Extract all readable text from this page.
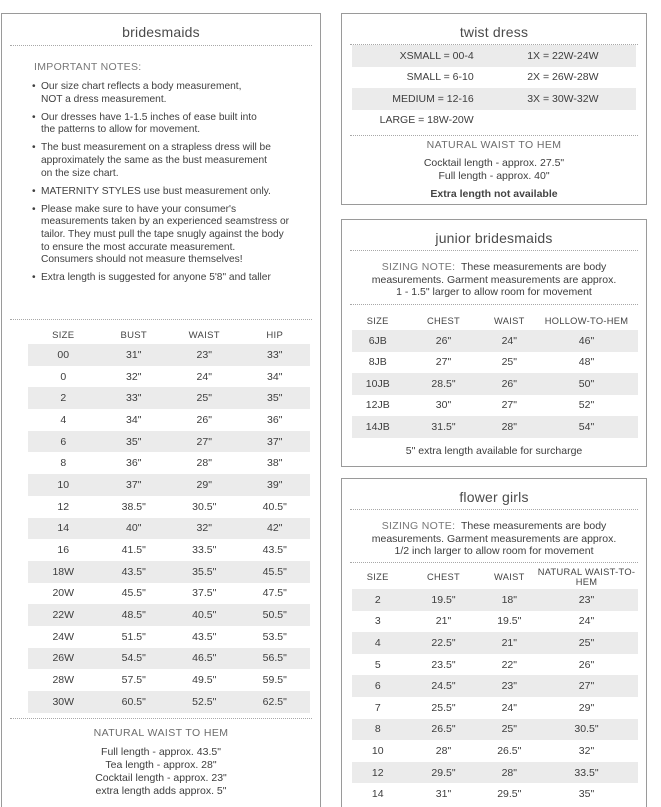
bridesmaids
IMPORTANT NOTES:
• Our size chart reflects a body measurement,
NOT a dress measurement.
• Our dresses have 1-1.5 inches of ease built into
the patterns to allow for movement.
• The bust measurement on a strapless dress will be
approximately the same as the bust measurement
on the size chart.
• MATERNITY STYLES use bust measurement only.
• Please make sure to have your consumer's
measurements taken by an experienced seamstress or
tailor. They must pull the tape snugly against the body
to ensure the most accurate measurement.
Consumers should not measure themselves!
• Extra length is suggested for anyone 5'8" and taller
SIZE	BUST	WAIST	HIP
00	31"	23"	33"
0	32"	24"	34"
2	33"	25"	35"
4	34"	26"	36"
6	35"	27"	37"
8	36"	28"	38"
10	37"	29"	39"
12	38.5"	30.5"	40.5"
14	40"	32"	42"
16	41.5"	33.5"	43.5"
18W	43.5"	35.5"	45.5"
20W	45.5"	37.5"	47.5"
22W	48.5"	40.5"	50.5"
24W	51.5"	43.5"	53.5"
26W	54.5"	46.5"	56.5"
28W	57.5"	49.5"	59.5"
30W	60.5"	52.5"	62.5"
NATURAL WAIST TO HEM
Full length - approx. 43.5"
Tea length - approx. 28"
Cocktail length - approx. 23"
extra length adds approx. 5"
twist dress
XSMALL = 00-4	1X = 22W-24W
SMALL = 6-10	2X = 26W-28W
MEDIUM = 12-16	3X = 30W-32W
LARGE = 18W-20W	
NATURAL WAIST TO HEM
Cocktail length - approx. 27.5"
Full length - approx. 40"
Extra length not available
junior bridesmaids
SIZING NOTE: These measurements are body
measurements. Garment measurements are approx.
1 - 1.5" larger to allow room for movement
SIZE	CHEST	WAIST	HOLLOW-TO-HEM
6JB	26"	24"	46"
8JB	27"	25"	48"
10JB	28.5"	26"	50"
12JB	30"	27"	52"
14JB	31.5"	28"	54"
5" extra length available for surcharge
flower girls
SIZING NOTE: These measurements are body
measurements. Garment measurements are approx.
1/2 inch larger to allow room for movement
SIZE	CHEST	WAIST	NATURAL WAIST-TO-HEM
2	19.5"	18"	23"
3	21"	19.5"	24"
4	22.5"	21"	25"
5	23.5"	22"	26"
6	24.5"	23"	27"
7	25.5"	24"	29"
8	26.5"	25"	30.5"
10	28"	26.5"	32"
12	29.5"	28"	33.5"
14	31"	29.5"	35"
